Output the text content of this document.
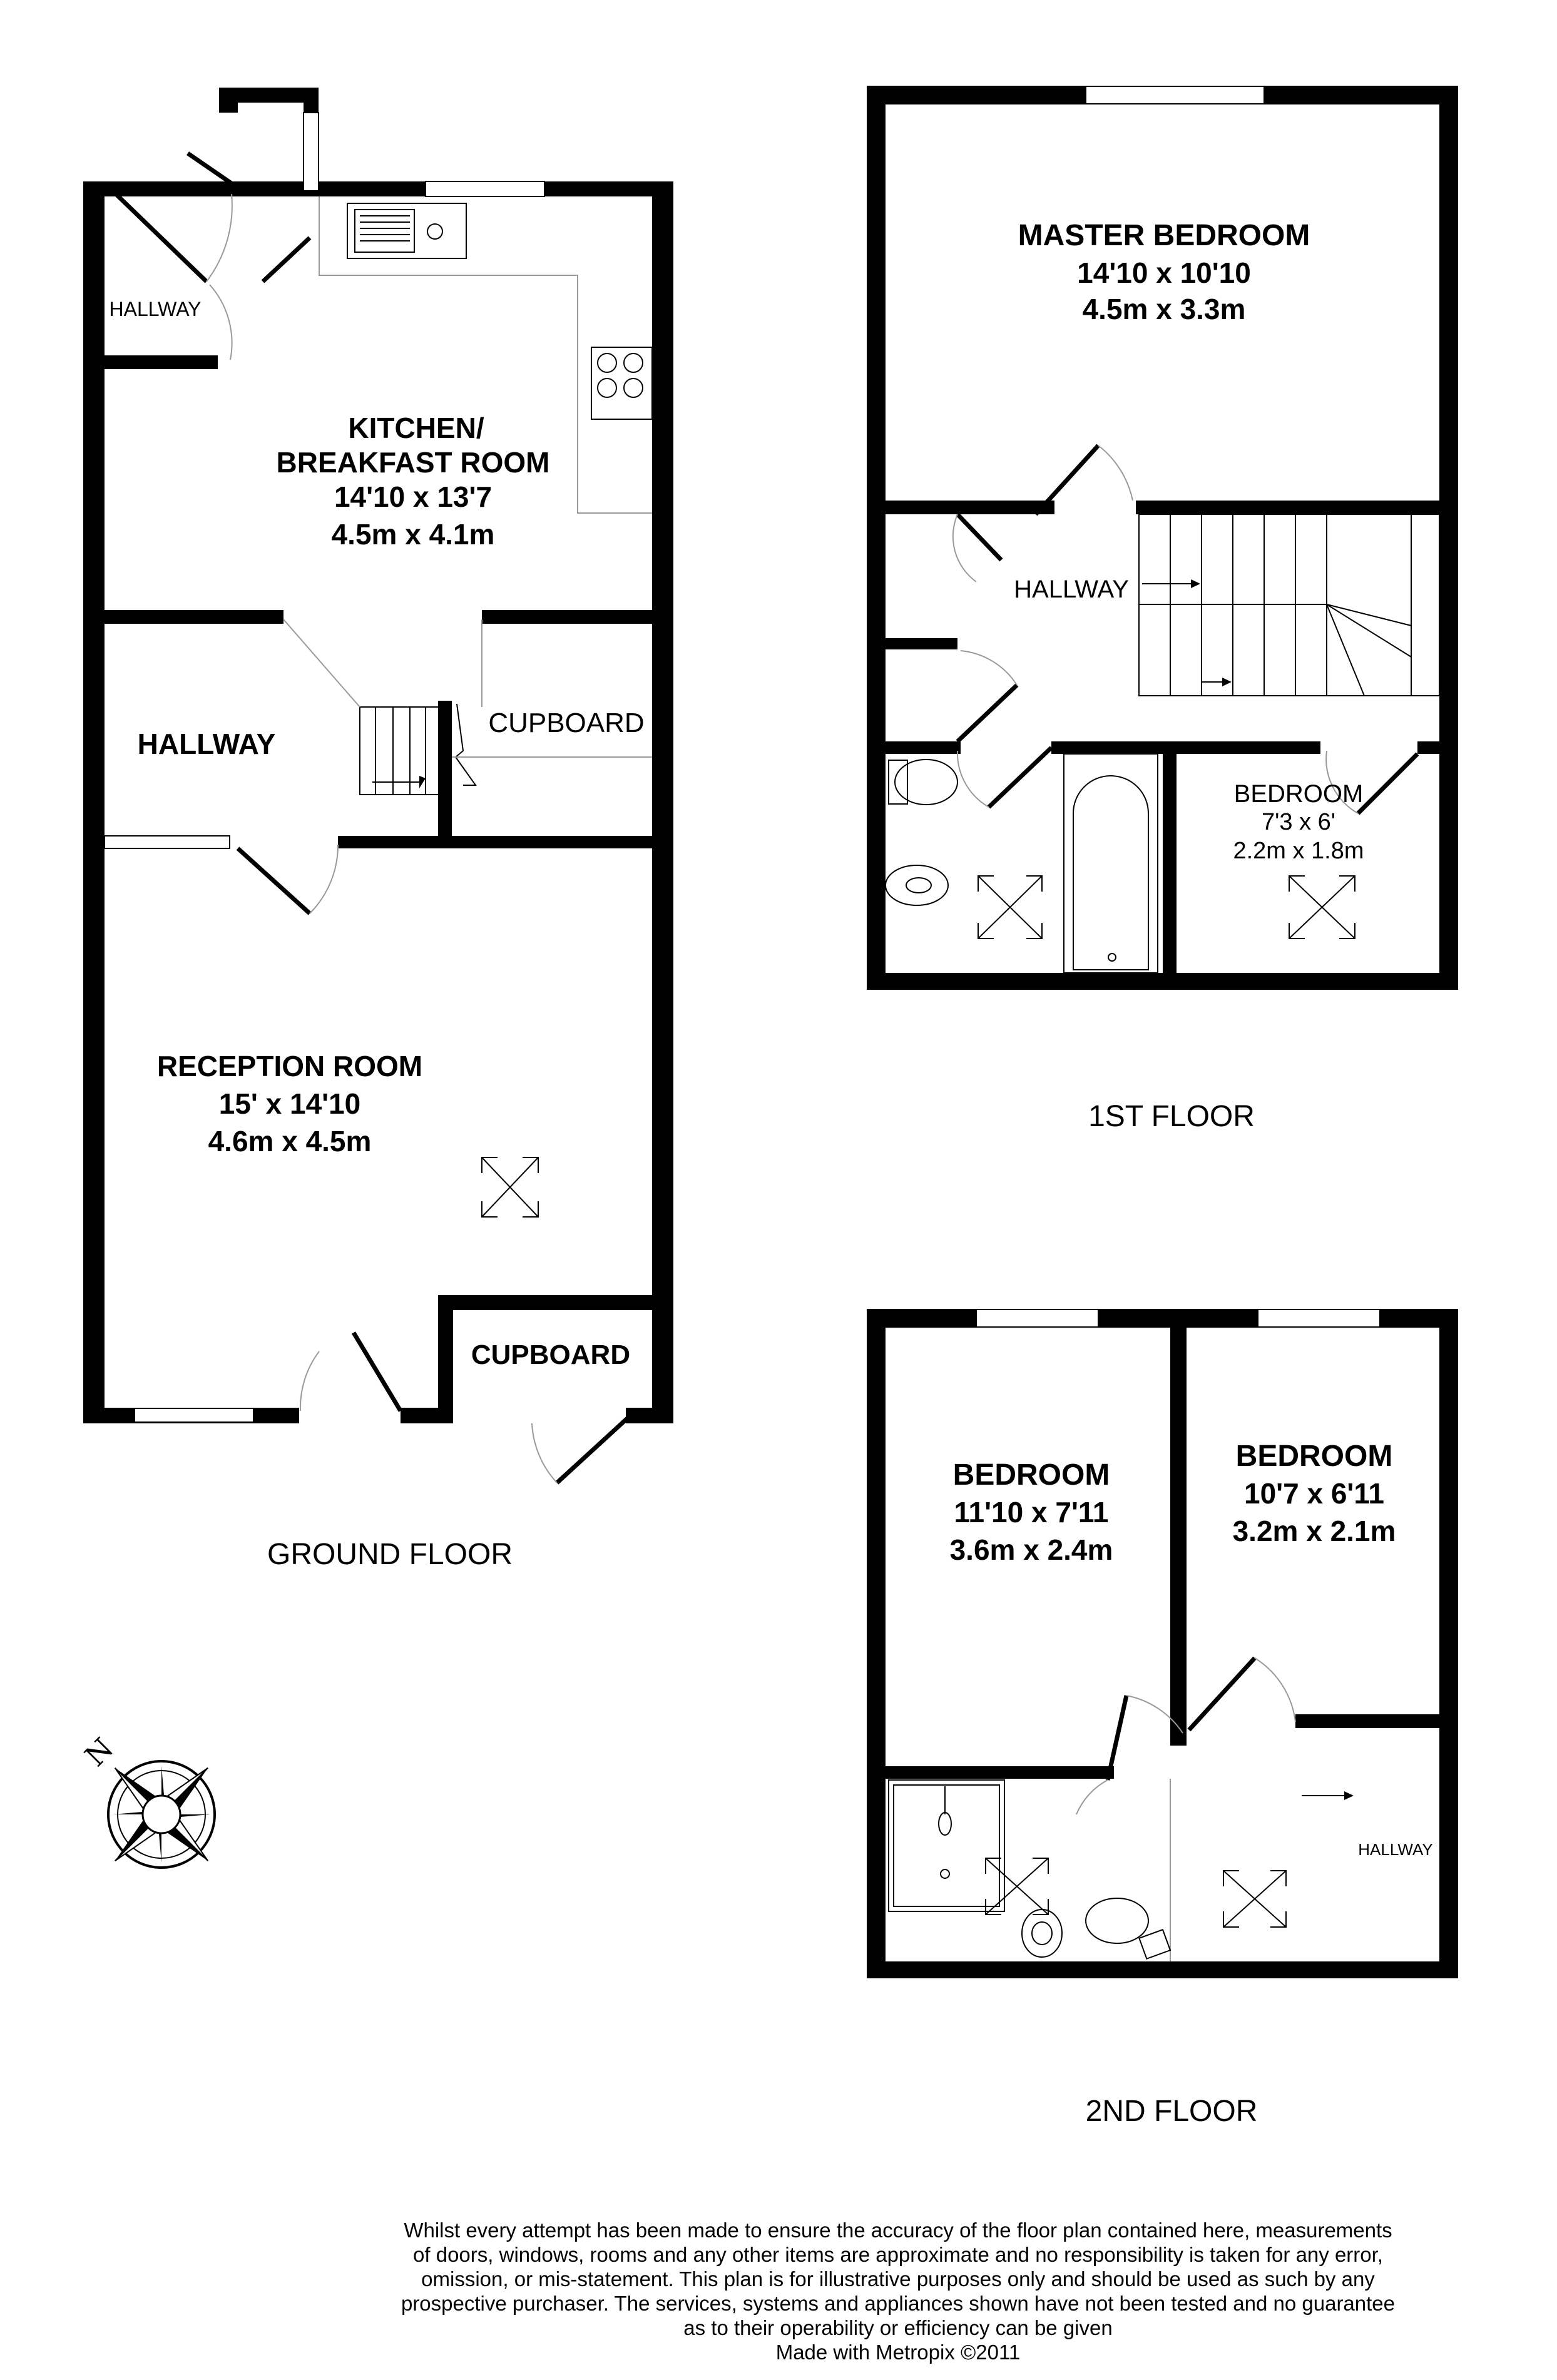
HALLWAY
KITCHEN/
BREAKFAST ROOM
14'10 x 13'7
4.5m x 4.1m
HALLWAY
CUPBOARD
RECEPTION ROOM
15' x 14'10
4.6m x 4.5m
CUPBOARD
GROUND FLOOR
MASTER BEDROOM
14'10 x 10'10
4.5m x 3.3m
HALLWAY
BEDROOM
7'3 x 6'
2.2m x 1.8m
1ST FLOOR
BEDROOM
11'10 x 7'11
3.6m x 2.4m
BEDROOM
10'7 x 6'11
3.2m x 2.1m
HALLWAY
2ND FLOOR
N

Whilst every attempt has been made to ensure the accuracy of the floor plan contained here, measurements

of doors, windows, rooms and any other items are approximate and no responsibility is taken for any error,

omission, or mis-statement. This plan is for illustrative purposes only and should be used as such by any

prospective purchaser. The services, systems and appliances shown have not been tested and no guarantee

as to their operability or efficiency can be given

Made with Metropix ©2011
